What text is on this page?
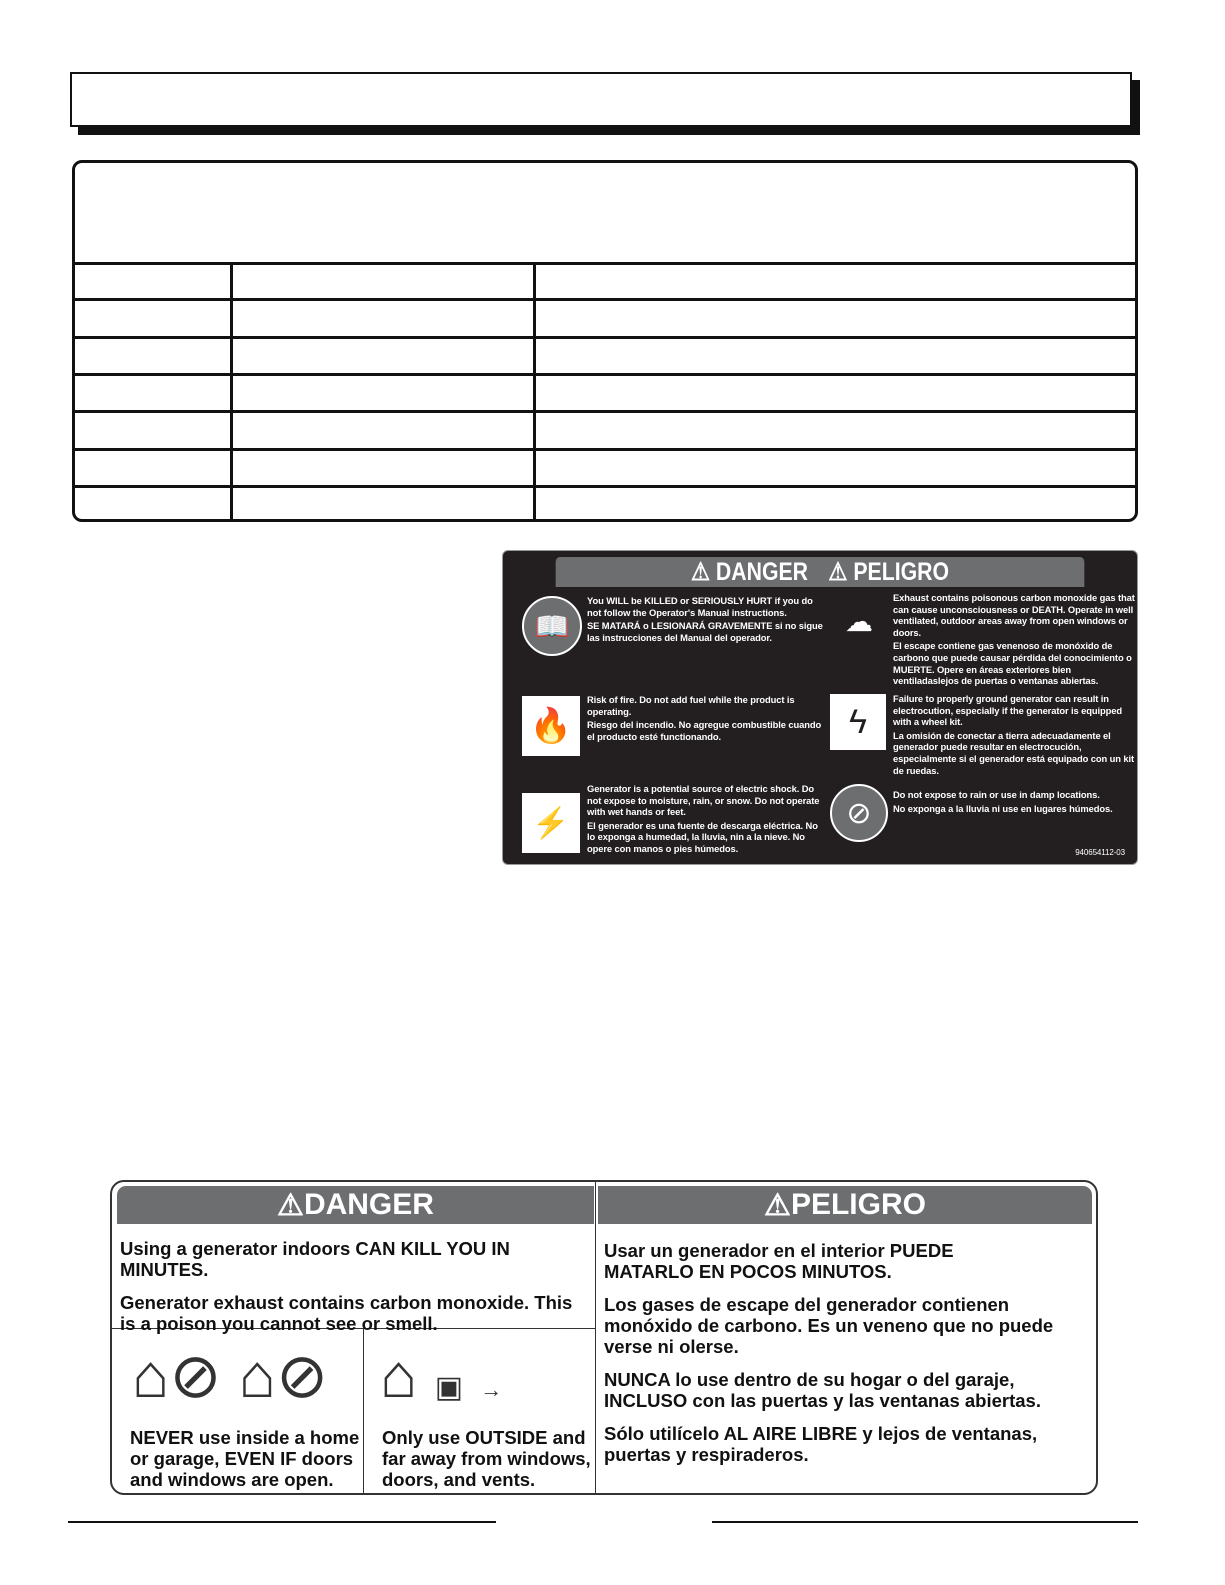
⚠ DANGER ⚠ PELIGRO
📖

You WILL be KILLED or SERIOUSLY HURT if you do not follow the Operator's Manual instructions.

SE MATARÁ o LESIONARÁ GRAVEMENTE si no sigue las instrucciones del Manual del operador.

🔥

Risk of fire. Do not add fuel while the product is operating.

Riesgo del incendio. No agregue combustible cuando el producto esté functionando.

⚡

Generator is a potential source of electric shock. Do not expose to moisture, rain, or snow. Do not operate with wet hands or feet.

El generador es una fuente de descarga eléctrica. No lo exponga a humedad, la lluvia, nin a la nieve. No opere con manos o pies húmedos.

☁

Exhaust contains poisonous carbon monoxide gas that can cause unconsciousness or DEATH. Operate in well ventilated, outdoor areas away from open windows or doors.

El escape contiene gas venenoso de monóxido de carbono que puede causar pérdida del conocimiento o MUERTE. Opere en áreas exteriores bien ventiladaslejos de puertas o ventanas abiertas.

ϟ

Failure to properly ground generator can result in electrocution, especially if the generator is equipped with a wheel kit.

La omisión de conectar a tierra adecuadamente el generador puede resultar en electrocución, especialmente si el generador está equipado con un kit de ruedas.

⊘

Do not expose to rain or use in damp locations.

No exponga a la lluvia ni use en lugares húmedos.

940654112-03
⚠ DANGER	⚠ PELIGRO

Using a generator indoors CAN KILL YOU IN MINUTES.

Generator exhaust contains carbon monoxide. This is a poison you cannot see or smell.

⌂⊘ ⌂⊘
NEVER use inside a home or garage, EVEN IF doors and windows are open.
⌂ ▣ →
Only use OUTSIDE and far away from windows, doors, and vents.

Usar un generador en el interior PUEDE MATARLO EN POCOS MINUTOS.

Los gases de escape del generador contienen monóxido de carbono. Es un veneno que no puede verse ni olerse.

NUNCA lo use dentro de su hogar o del garaje, INCLUSO con las puertas y las ventanas abiertas.

Sólo utilícelo AL AIRE LIBRE y lejos de ventanas, puertas y respiraderos.
